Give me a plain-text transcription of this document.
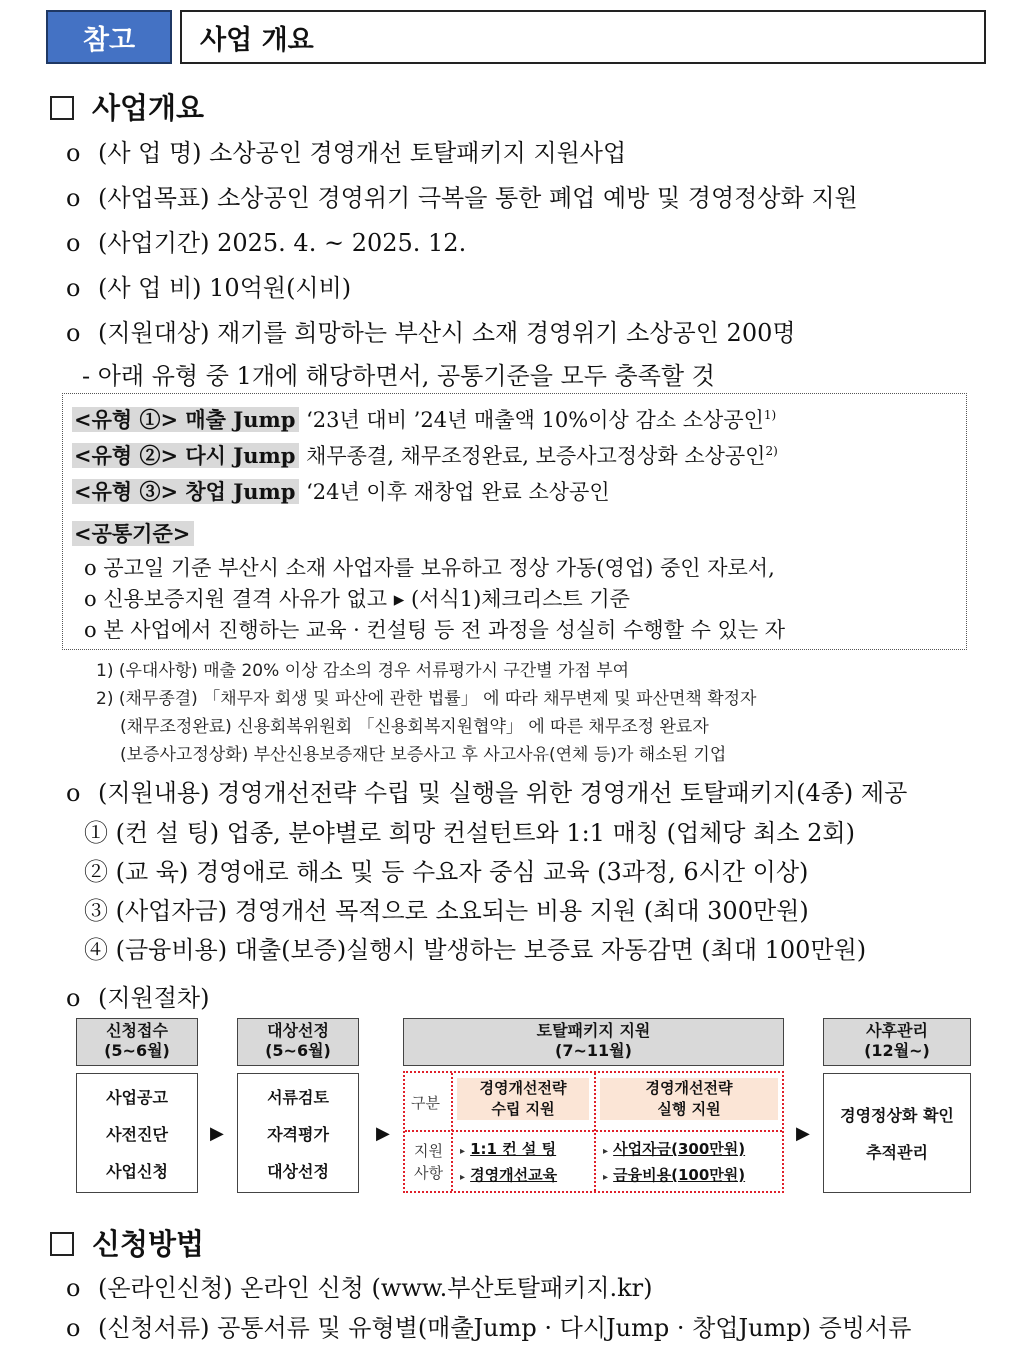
참고	사업 개요
사업개요
o (사 업 명) 소상공인 경영개선 토탈패키지 지원사업
o (사업목표) 소상공인 경영위기 극복을 통한 폐업 예방 및 경영정상화 지원
o (사업기간) 2025. 4. ~ 2025. 12.
o (사 업 비) 10억원(시비)
o (지원대상) 재기를 희망하는 부산시 소재 경영위기 소상공인 200명
- 아래 유형 중 1개에 해당하면서, 공통기준을 모두 충족할 것
<유형 ①> 매출 Jump ‘23년 대비 ’24년 매출액 10%이상 감소 소상공인$^{1)}$
<유형 ②> 다시 Jump 채무종결, 채무조정완료, 보증사고정상화 소상공인$^{2)}$
<유형 ③> 창업 Jump ‘24년 이후 재창업 완료 소상공인
<공통기준>
o 공고일 기준 부산시 소재 사업자를 보유하고 정상 가동(영업) 중인 자로서,
o 신용보증지원 결격 사유가 없고 ▸ (서식1)체크리스트 기준
o 본 사업에서 진행하는 교육 · 컨설팅 등 전 과정을 성실히 수행할 수 있는 자
1) (우대사항) 매출 20% 이상 감소의 경우 서류평가시 구간별 가점 부여
2) (채무종결) 「채무자 회생 및 파산에 관한 법률」 에 따라 채무변제 및 파산면책 확정자
(채무조정완료) 신용회복위원회 「신용회복지원협약」 에 따른 채무조정 완료자
(보증사고정상화) 부산신용보증재단 보증사고 후 사고사유(연체 등)가 해소된 기업
o (지원내용) 경영개선전략 수립 및 실행을 위한 경영개선 토탈패키지(4종) 제공
① (컨 설 팅) 업종, 분야별로 희망 컨설턴트와 1:1 매칭 (업체당 최소 2회)
② (교 육) 경영애로 해소 및 등 수요자 중심 교육 (3과정, 6시간 이상)
③ (사업자금) 경영개선 목적으로 소요되는 비용 지원 (최대 300만원)
④ (금융비용) 대출(보증)실행시 발생하는 보증료 자동감면 (최대 100만원)
o (지원절차)
신청접수
(5~6월)
대상선정
(5~6월)
토탈패키지 지원
(7~11월)
사후관리
(12월~)
사업공고
사전진단
사업신청
서류검토
자격평가
대상선정
경영정상화 확인
추적관리
▶	▶	▶
구분
지원
사항
경영개선전략
수립 지원
경영개선전략
실행 지원
▸ 1:1 컨 설 팅
▸ 경영개선교육
▸ 사업자금(300만원)
▸ 금융비용(100만원)
신청방법
o (온라인신청) 온라인 신청 (www.부산토탈패키지.kr)
o (신청서류) 공통서류 및 유형별(매출Jump · 다시Jump · 창업Jump) 증빙서류
